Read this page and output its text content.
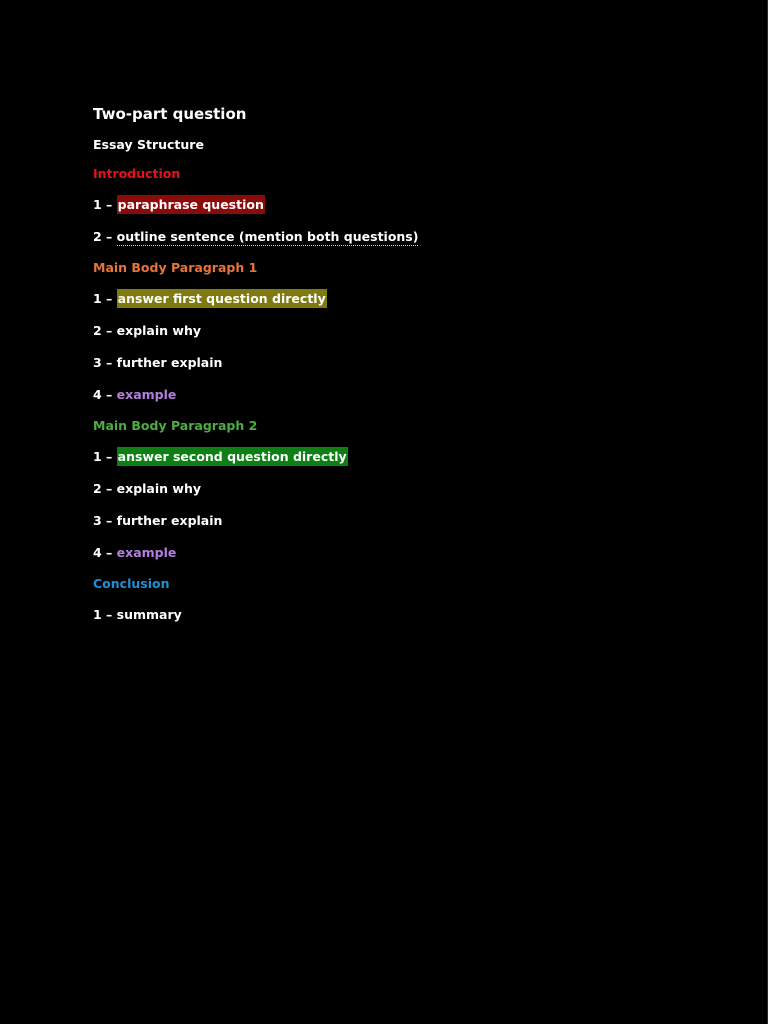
Two-part question
Essay Structure
Introduction
1 – paraphrase question
2 – outline sentence (mention both questions)
Main Body Paragraph 1
1 – answer first question directly
2 – explain why
3 – further explain
4 – example
Main Body Paragraph 2
1 – answer second question directly
2 – explain why
3 – further explain
4 – example
Conclusion
1 – summary
